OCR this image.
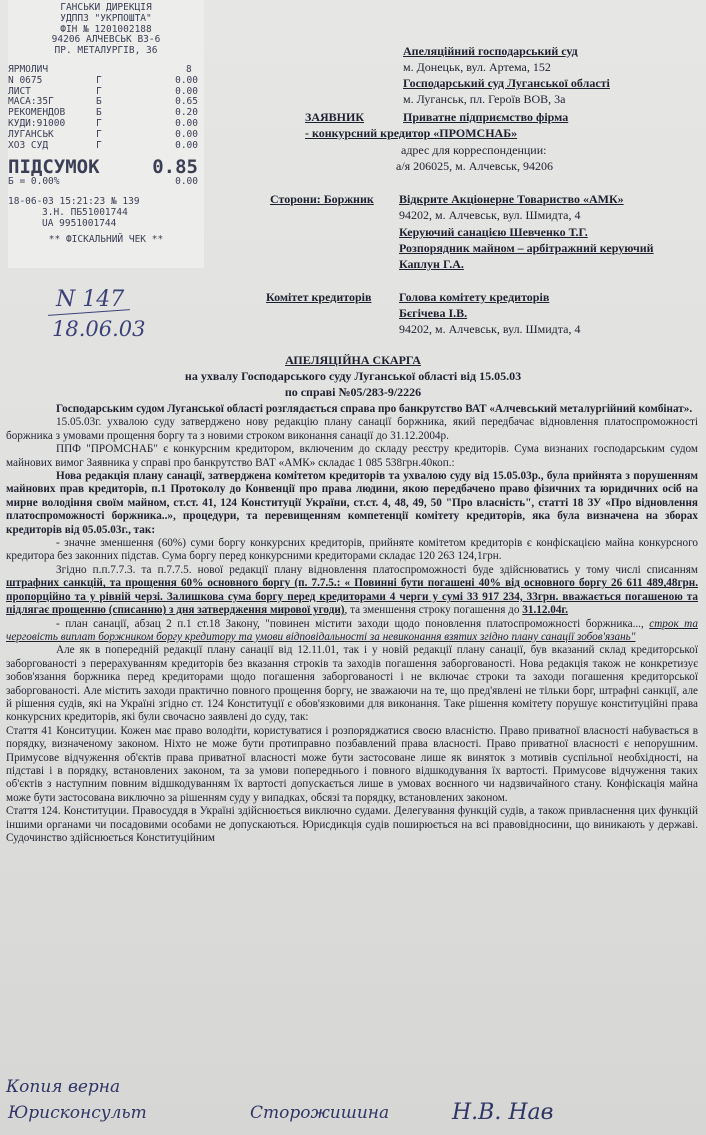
ГАНСЬКИ ДИРЕКЦІЯ
УДППЗ "УКРПОШТА"
ФІН № 1201002188
94206 АЛЧЕВСЬК В3-6
ПР. МЕТАЛУРГІВ, 36
ЯРМОЛИЧ	8
N 0675	Г	0.00
ЛИСТ	Г	0.00
МАСА:35Г	Б	0.65
РЕКОМЕНДОВ	Б	0.20
КУДИ:91000	Г	0.00
ЛУГАНСЬК	Г	0.00
ХОЗ СУД	Г	0.00
ПІДСУМОК	0.85
Б = 0.00%	0.00
18-06-03 15:21:23 № 139
З.Н. ПБ51001744
UA 9951001744
** ФІСКАЛЬНИЙ ЧЕК **
N 147
18.06.03
Апеляційний господарський суд
м. Донецьк, вул. Артема, 152
Господарський суд Луганської області
м. Луганськ, пл. Героїв ВОВ, 3а
ЗАЯВНИК	Приватне підприємство фірма
- конкурсний кредитор «ПРОМСНАБ»
адрес для корреспонденции:
а/я 206025, м. Алчевськ, 94206
Сторони: Боржник Відкрите Акціонерне Товариство «АМК»
94202, м. Алчевськ, вул. Шмидта, 4
Керуючий санацією Шевченко Т.Г.
Розпорядник майном – арбітражний керуючий
Каплун Г.А.
Комітет кредиторів Голова комітету кредиторів
Бєгічева І.В.
94202, м. Алчевськ, вул. Шмидта, 4
АПЕЛЯЦІЙНА СКАРГА
на ухвалу Господарського суду Луганської області від 15.05.03
по справі №05/283-9/2226

Господарським судом Луганської області розглядається справа про банкрутство ВАТ «Алчевський металургійний комбінат».

15.05.03г. ухвалою суду затверджено нову редакцію плану санації боржника, який передбачає відновлення платоспроможності боржника з умовами прощення боргу та з новими строком виконання санації до 31.12.2004р.

ППФ "ПРОМСНАБ" є конкурсним кредитором, включеним до складу реєстру кредиторів. Сума визнаних господарським судом майнових вимог Заявника у справі про банкрутство ВАТ «АМК» складає 1 085 538грн.40коп.:

Нова редакція плану санації, затверджена комітетом кредиторів та ухвалою суду від 15.05.03р., була прийнята з порушенням майнових прав кредиторів, п.1 Протоколу до Конвенції про права людини, якою передбачено право фізичних та юридичних осіб на мирне володіння своїм майном, ст.ст. 41, 124 Конституції України, ст.ст. 4, 48, 49, 50 "Про власність", статті 18 ЗУ «Про відновлення платоспроможності боржника..», процедури, та перевищенням компетенції комітету кредиторів, яка була визначена на зборах кредиторів від 05.05.03г., так:

- значне зменшення (60%) суми боргу конкурсних кредиторів, прийняте комітетом кредиторів є конфіскацією майна конкурсного кредитора без законних підстав. Сума боргу перед конкурсними кредиторами складає 120 263 124,1грн.

Згідно п.п.7.7.3. та п.7.7.5. нової редакції плану відновлення платоспроможності буде здійснюватись у тому числі списанням штрафних санкцій, та прощення 60% основного боргу (п. 7.7.5.: « Повинні бути погашені 40% від основного боргу 26 611 489,48грн. пропорційно та у рівній черзі. Залишкова сума боргу перед кредиторами 4 черги у сумі 33 917 234, 33грн. вважається погашеною та підлягає прощенню (списанню) з дня затвердження мирової угоди), та зменшення строку погашення до 31.12.04г.

- план санації, абзац 2 п.1 ст.18 Закону, "повинен містити заходи щодо поновлення платоспроможності боржника..., строк та черговість виплат боржником боргу кредитору та умови відповідальності за невиконання взятих згідно плану санації зобов'язань"

Але як в попередній редакції плану санації від 12.11.01, так і у новій редакції плану санації, був вказаний склад кредиторської заборгованості з перерахуванням кредиторів без вказання строків та заходів погашення заборгованості. Нова редакція також не конкретизує зобов'язання боржника перед кредиторами щодо погашення заборгованості і не включає строки та заходи погашення кредиторської заборгованості. Але містить заходи практично повного прощення боргу, не зважаючи на те, що пред'явлені не тільки борг, штрафні санкції, але й рішення судів, які на Україні згідно ст. 124 Конституції є обов'язковими для виконання. Таке рішення комітету порушує конституційні права конкурсних кредиторів, які були свочасно заявлені до суду, так:

Стаття 41 Конситуции. Кожен має право володіти, користуватися і розпоряджатися своєю власністю. Право приватної власності набувається в порядку, визначеному законом. Ніхто не може бути протиправно позбавлений права власності. Право приватної власності є непорушним. Примусове відчуження об'єктів права приватної власності може бути застосоване лише як виняток з мотивів суспільної необхідності, на підставі і в порядку, встановлених законом, та за умови попереднього і повного відшкодування їх вартості. Примусове відчуження таких об'єктів з наступним повним відшкодуванням їх вартості допускається лише в умовах воєнного чи надзвичайного стану. Конфіскація майна може бути застосована виключно за рішенням суду у випадках, обсязі та порядку, встановлених законом.

Стаття 124. Конституции. Правосуддя в Україні здійснюється виключно судами. Делегування функцій судів, а також привласнення цих функцій іншими органами чи посадовими особами не допускаються. Юрисдикція судів поширюється на всі правовідносини, що виникають у державі. Судочинство здійснюється Конституційним

Копия верна
Юрисконсульт	Сторожишина	Н.В. Нав
